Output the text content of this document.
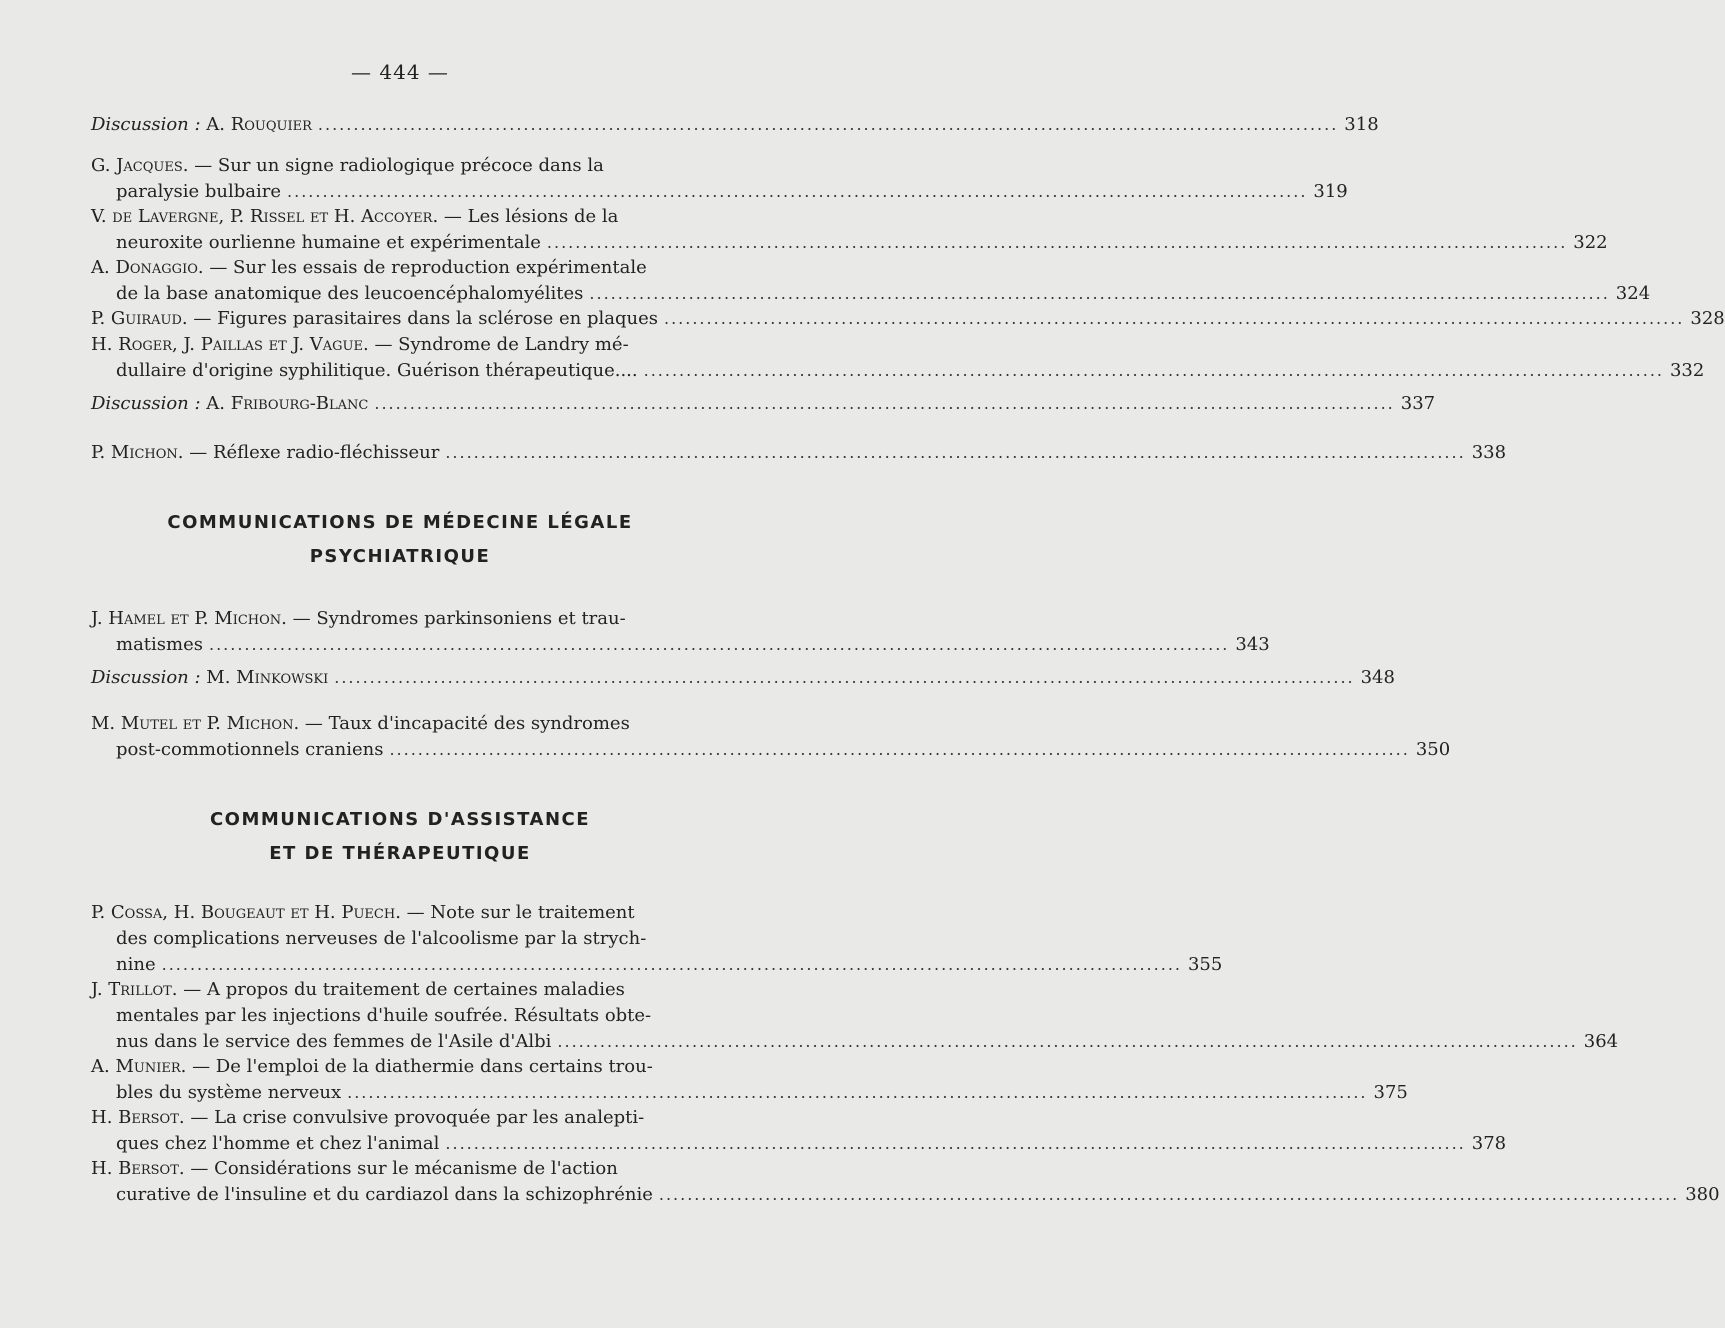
— 444 —
Discussion : A. Rouquier .....	318
G. Jacques. — Sur un signe radiologique précoce dans la
paralysie bulbaire .....	319
V. de Lavergne, P. Rissel et H. Accoyer. — Les lésions de la
neuroxite ourlienne humaine et expérimentale .....	322
A. Donaggio. — Sur les essais de reproduction expérimentale
de la base anatomique des leucoencéphalomyélites .....	324
P. Guiraud. — Figures parasitaires dans la sclérose en plaques .....	328
H. Roger, J. Paillas et J. Vague. — Syndrome de Landry mé-
dullaire d'origine syphilitique. Guérison thérapeutique.... .....	332
Discussion : A. Fribourg-Blanc .....	337
P. Michon. — Réflexe radio-fléchisseur .....	338
COMMUNICATIONS DE MÉDECINE LÉGALE
PSYCHIATRIQUE
J. Hamel et P. Michon. — Syndromes parkinsoniens et trau-
matismes .....	343
Discussion : M. Minkowski .....	348
M. Mutel et P. Michon. — Taux d'incapacité des syndromes
post-commotionnels craniens .....	350
COMMUNICATIONS D'ASSISTANCE
ET DE THÉRAPEUTIQUE
P. Cossa, H. Bougeaut et H. Puech. — Note sur le traitement
des complications nerveuses de l'alcoolisme par la strych-
nine .....	355
J. Trillot. — A propos du traitement de certaines maladies
mentales par les injections d'huile soufrée. Résultats obte-
nus dans le service des femmes de l'Asile d'Albi .....	364
A. Munier. — De l'emploi de la diathermie dans certains trou-
bles du système nerveux .....	375
H. Bersot. — La crise convulsive provoquée par les analepti-
ques chez l'homme et chez l'animal .....	378
H. Bersot. — Considérations sur le mécanisme de l'action
curative de l'insuline et du cardiazol dans la schizophrénie .....	380
